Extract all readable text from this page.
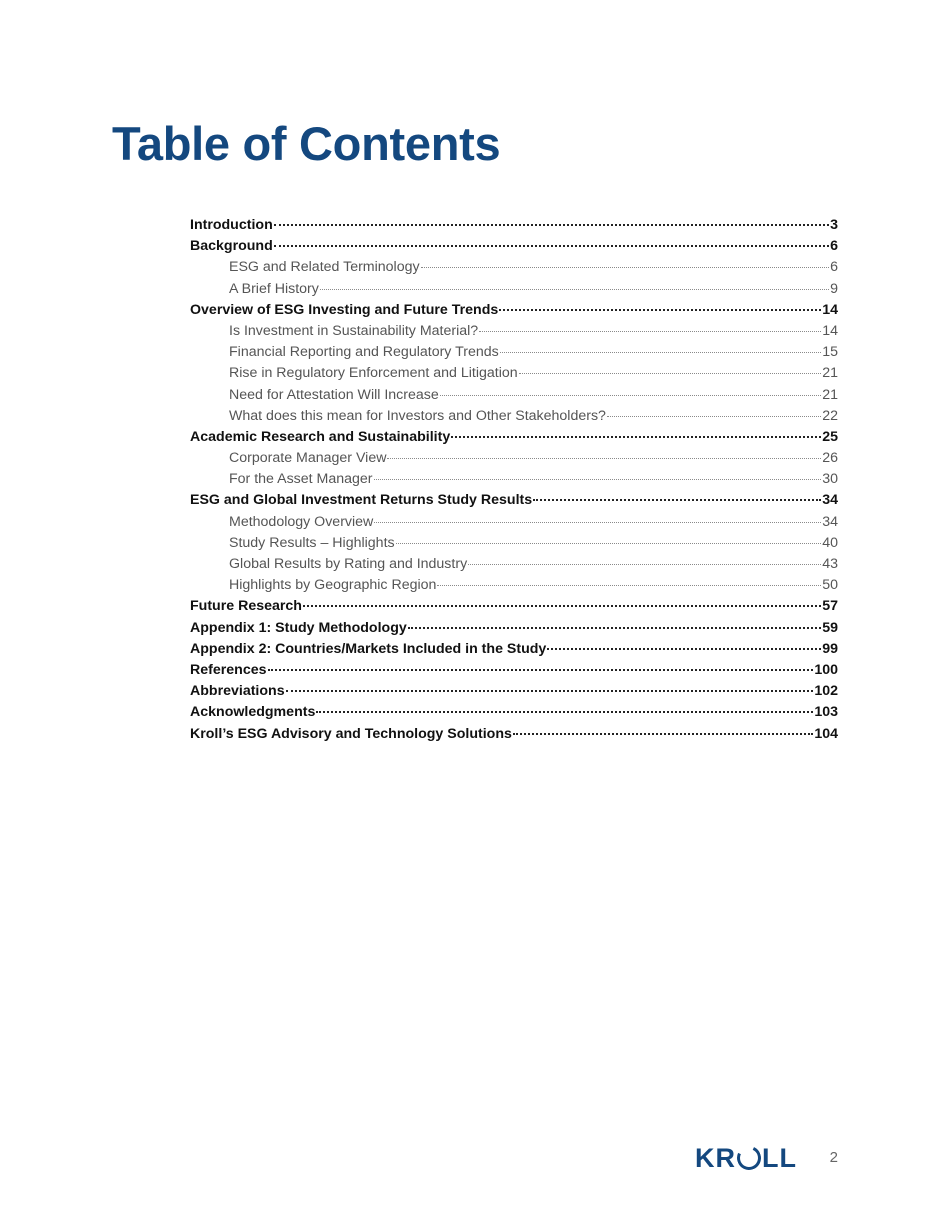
Table of Contents
Introduction	3
Background	6
ESG and Related Terminology	6
A Brief History	9
Overview of ESG Investing and Future Trends	14
Is Investment in Sustainability Material?	14
Financial Reporting and Regulatory Trends	15
Rise in Regulatory Enforcement and Litigation	21
Need for Attestation Will Increase	21
What does this mean for Investors and Other Stakeholders?	22
Academic Research and Sustainability	25
Corporate Manager View	26
For the Asset Manager	30
ESG and Global Investment Returns Study Results	34
Methodology Overview	34
Study Results – Highlights	40
Global Results by Rating and Industry	43
Highlights by Geographic Region	50
Future Research	57
Appendix 1: Study Methodology	59
Appendix 2: Countries/Markets Included in the Study	99
References	100
Abbreviations	102
Acknowledgments	103
Kroll’s ESG Advisory and Technology Solutions	104
KR LL	2
